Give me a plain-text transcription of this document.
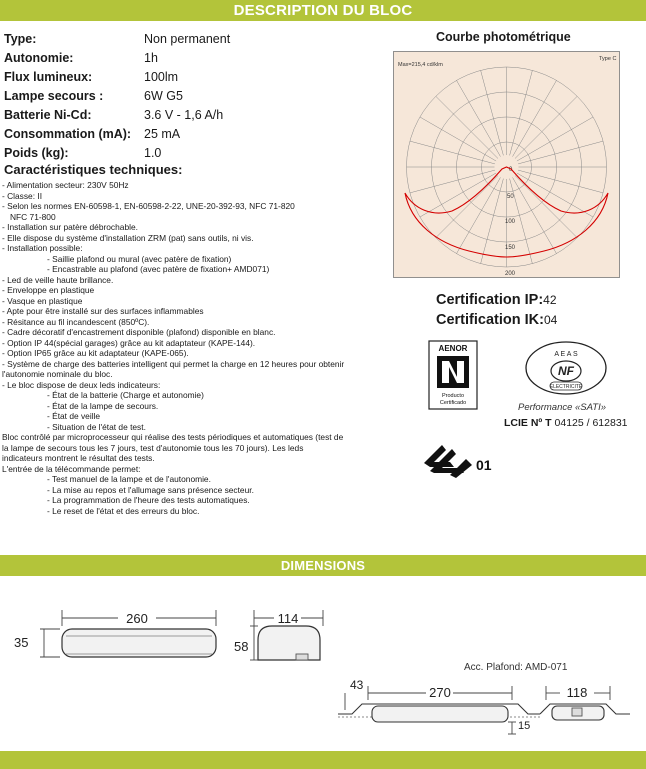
DESCRIPTION DU BLOC
Type:	Non permanent
Autonomie:	1h
Flux lumineux:	100lm
Lampe secours :	6W G5
Batterie Ni-Cd:	3.6 V - 1,6 A/h
Consommation (mA):	25 mA
Poids (kg):	1.0
Caractéristiques techniques:
- Alimentation secteur: 230V 50Hz
- Classe: II
- Selon les normes EN-60598-1, EN-60598-2-22, UNE-20-392-93, NFC 71-820
NFC 71-800
- Installation sur patère débrochable.
- Elle dispose du système d'installation ZRM (pat) sans outils, ni vis.
- Installation possible:
- Saillie plafond ou mural (avec patère de fixation)
- Encastrable au plafond (avec patère de fixation+ AMD071)
- Led de veille haute brillance.
- Enveloppe en plastique
- Vasque en plastique
- Apte pour être installé sur des surfaces inflammables
- Résitance au fil incandescent (850ºC).
- Cadre décoratif d'encastrement disponible (plafond) disponible en blanc.
- Option IP 44(spécial garages) grâce au kit adaptateur (KAPE-144).
- Option IP65 grâce au kit adaptateur (KAPE-065).
- Système de charge des batteries intelligent qui permet la charge en 12 heures pour obtenir
l'autonomie nominale du bloc.
- Le bloc dispose de deux leds indicateurs:
- État de la batterie (Charge et autonomie)
- État de la lampe de secours.
- État de veille
- Situation de l'état de test.
Bloc contrôlé par microprocesseur qui réalise des tests périodiques et automatiques (test de
la lampe de secours tous les 7 jours, test d'autonomie tous les 70 jours). Les leds
indicateurs montrent le résultat des tests.
L'entrée de la télécommande permet:
- Test manuel de la lampe et de l'autonomie.
- La mise au repos et l'allumage sans présence secteur.
- La programmation de l'heure des tests automatiques.
- Le reset de l'état et des erreurs du bloc.
Courbe photométrique
Max=215,4 cd/klm
Type C
0
50
100
150
200
Certification IP:42
Certification IK:04
AENOR
Producto
Certificado
A E A S
NF
ELECTRICITE
Performance «SATI»
LCIE Nº T 04125 / 612831
01
DIMENSIONS
260
35
114
58
270
43	118
15
Acc. Plafond: AMD-071
